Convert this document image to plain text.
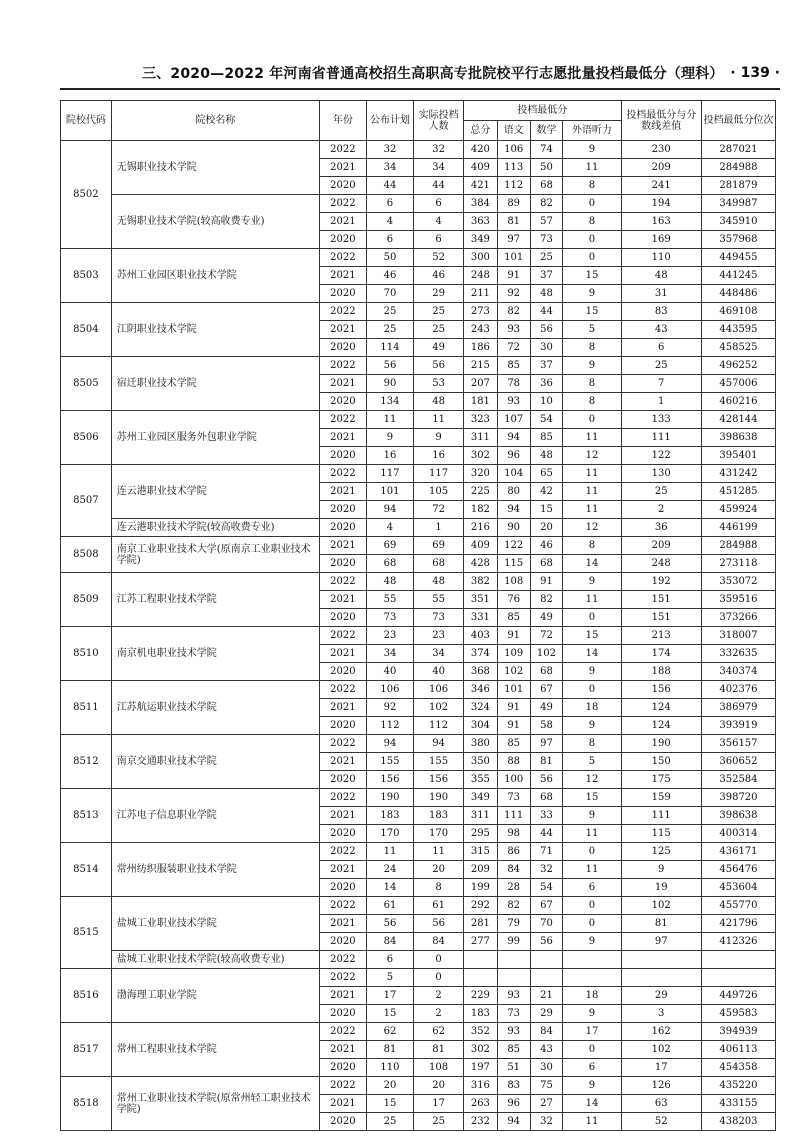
三、2020—2022 年河南省普通高校招生高职高专批院校平行志愿批量投档最低分（理科） · 139 ·
院校代码	院校名称	年份	公布计划	实际投档人数	投档最低分				投档最低分与分数线差值	投档最低分位次
					总分	语文	数学	外语听力		
8502	无锡职业技术学院	2022	32	32	420	106	74	9	230	287021
		2021	34	34	409	113	50	11	209	284988
		2020	44	44	421	112	68	8	241	281879
	无锡职业技术学院(较高收费专业)	2022	6	6	384	89	82	0	194	349987
		2021	4	4	363	81	57	8	163	345910
		2020	6	6	349	97	73	0	169	357968
8503	苏州工业园区职业技术学院	2022	50	52	300	101	25	0	110	449455
		2021	46	46	248	91	37	15	48	441245
		2020	70	29	211	92	48	9	31	448486
8504	江阴职业技术学院	2022	25	25	273	82	44	15	83	469108
		2021	25	25	243	93	56	5	43	443595
		2020	114	49	186	72	30	8	6	458525
8505	宿迁职业技术学院	2022	56	56	215	85	37	9	25	496252
		2021	90	53	207	78	36	8	7	457006
		2020	134	48	181	93	10	8	1	460216
8506	苏州工业园区服务外包职业学院	2022	11	11	323	107	54	0	133	428144
		2021	9	9	311	94	85	11	111	398638
		2020	16	16	302	96	48	12	122	395401
8507	连云港职业技术学院	2022	117	117	320	104	65	11	130	431242
		2021	101	105	225	80	42	11	25	451285
		2020	94	72	182	94	15	11	2	459924
	连云港职业技术学院(较高收费专业)	2020	4	1	216	90	20	12	36	446199
8508	南京工业职业技术大学(原南京工业职业技术学院)	2021	69	69	409	122	46	8	209	284988
		2020	68	68	428	115	68	14	248	273118
8509	江苏工程职业技术学院	2022	48	48	382	108	91	9	192	353072
		2021	55	55	351	76	82	11	151	359516
		2020	73	73	331	85	49	0	151	373266
8510	南京机电职业技术学院	2022	23	23	403	91	72	15	213	318007
		2021	34	34	374	109	102	14	174	332635
		2020	40	40	368	102	68	9	188	340374
8511	江苏航运职业技术学院	2022	106	106	346	101	67	0	156	402376
		2021	92	102	324	91	49	18	124	386979
		2020	112	112	304	91	58	9	124	393919
8512	南京交通职业技术学院	2022	94	94	380	85	97	8	190	356157
		2021	155	155	350	88	81	5	150	360652
		2020	156	156	355	100	56	12	175	352584
8513	江苏电子信息职业学院	2022	190	190	349	73	68	15	159	398720
		2021	183	183	311	111	33	9	111	398638
		2020	170	170	295	98	44	11	115	400314
8514	常州纺织服装职业技术学院	2022	11	11	315	86	71	0	125	436171
		2021	24	20	209	84	32	11	9	456476
		2020	14	8	199	28	54	6	19	453604
8515	盐城工业职业技术学院	2022	61	61	292	82	67	0	102	455770
		2021	56	56	281	79	70	0	81	421796
		2020	84	84	277	99	56	9	97	412326
	盐城工业职业技术学院(较高收费专业)	2022	6	0						
8516	渤海理工职业学院	2022	5	0						
		2021	17	2	229	93	21	18	29	449726
		2020	15	2	183	73	29	9	3	459583
8517	常州工程职业技术学院	2022	62	62	352	93	84	17	162	394939
		2021	81	81	302	85	43	0	102	406113
		2020	110	108	197	51	30	6	17	454358
8518	常州工业职业技术学院(原常州轻工职业技术学院)	2022	20	20	316	83	75	9	126	435220
		2021	15	17	263	96	27	14	63	433155
		2020	25	25	232	94	32	11	52	438203
